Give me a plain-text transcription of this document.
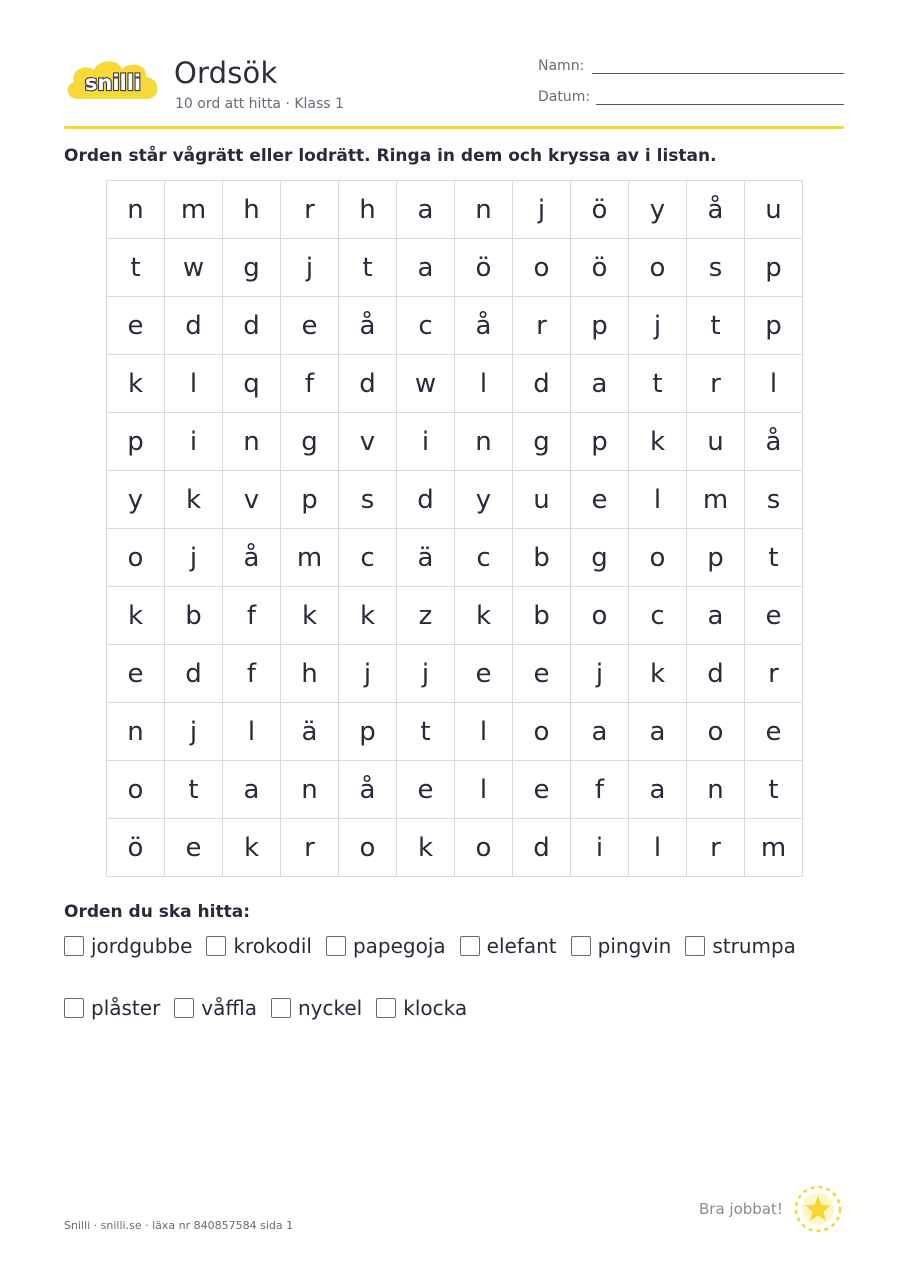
snilli Ordsök
10 ord att hitta · Klass 1
Namn:
Datum:
Orden står vågrätt eller lodrätt. Ringa in dem och kryssa av i listan.
n	m	h	r	h	a	n	j	ö	y	å	u
t	w	g	j	t	a	ö	o	ö	o	s	p
e	d	d	e	å	c	å	r	p	j	t	p
k	l	q	f	d	w	l	d	a	t	r	l
p	i	n	g	v	i	n	g	p	k	u	å
y	k	v	p	s	d	y	u	e	l	m	s
o	j	å	m	c	ä	c	b	g	o	p	t
k	b	f	k	k	z	k	b	o	c	a	e
e	d	f	h	j	j	e	e	j	k	d	r
n	j	l	ä	p	t	l	o	a	a	o	e
o	t	a	n	å	e	l	e	f	a	n	t
ö	e	k	r	o	k	o	d	i	l	r	m
Orden du ska hitta:
jordgubbe krokodil papegoja elefant pingvin strumpa
plåster våffla nyckel klocka
Snilli · snilli.se · läxa nr 840857584 sida 1
Bra jobbat!
